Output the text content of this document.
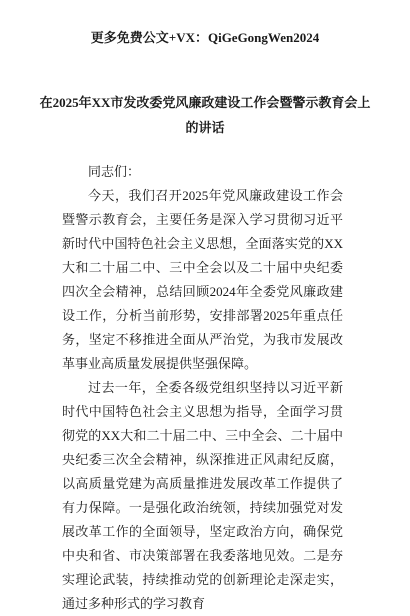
更多免费公文+VX：QiGeGongWen2024
在2025年XX市发改委党风廉政建设工作会暨警示教育会上
的讲话

同志们：

今天，我们召开2025年党风廉政建设工作会暨警示教育会，主要任务是深入学习贯彻习近平新时代中国特色社会主义思想，全面落实党的XX大和二十届二中、三中全会以及二十届中央纪委四次全会精神，总结回顾2024年全委党风廉政建设工作，分析当前形势，安排部署2025年重点任务，坚定不移推进全面从严治党，为我市发展改革事业高质量发展提供坚强保障。

过去一年，全委各级党组织坚持以习近平新时代中国特色社会主义思想为指导，全面学习贯彻党的XX大和二十届二中、三中全会、二十届中央纪委三次全会精神，纵深推进正风肃纪反腐，以高质量党建为高质量推进发展改革工作提供了有力保障。一是强化政治统领，持续加强党对发展改革工作的全面领导，坚定政治方向，确保党中央和省、市决策部署在我委落地见效。二是夯实理论武装，持续推动党的创新理论走深走实，通过多种形式的学习教育
